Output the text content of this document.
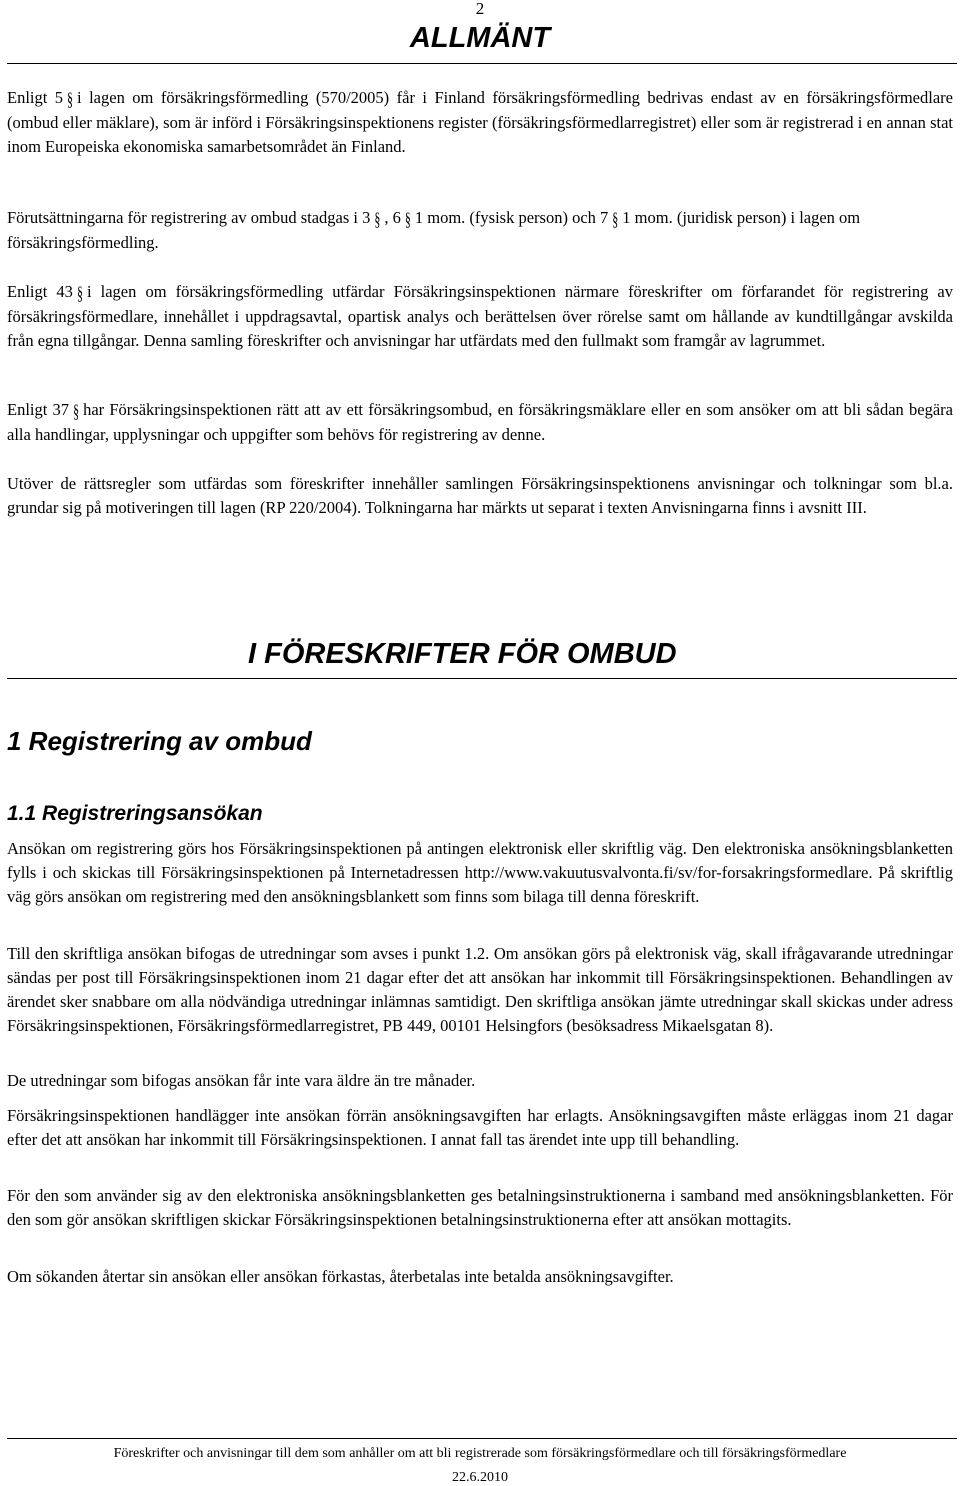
2
ALLMÄNT

Enligt 5 § i lagen om försäkringsförmedling (570/2005) får i Finland försäkringsförmedling bedrivas endast av en försäkringsförmedlare (ombud eller mäklare), som är införd i Försäkringsinspektionens register (försäkringsförmedlarregistret) eller som är registrerad i en annan stat inom Europeiska ekonomiska samarbetsområdet än Finland.

Förutsättningarna för registrering av ombud stadgas i 3 § , 6 § 1 mom. (fysisk person) och 7 § 1 mom. (juridisk person) i lagen om försäkringsförmedling.

Enligt 43 § i lagen om försäkringsförmedling utfärdar Försäkringsinspektionen närmare föreskrifter om förfarandet för registrering av försäkringsförmedlare, innehållet i uppdragsavtal, opartisk analys och berättelsen över rörelse samt om hållande av kundtillgångar avskilda från egna tillgångar. Denna samling föreskrifter och anvisningar har utfärdats med den fullmakt som framgår av lagrummet.

Enligt 37 § har Försäkringsinspektionen rätt att av ett försäkringsombud, en försäkringsmäklare eller en som ansöker om att bli sådan begära alla handlingar, upplysningar och uppgifter som behövs för registrering av denne.

Utöver de rättsregler som utfärdas som föreskrifter innehåller samlingen Försäkringsinspektionens anvisningar och tolkningar som bl.a. grundar sig på motiveringen till lagen (RP 220/2004). Tolkningarna har märkts ut separat i texten Anvisningarna finns i avsnitt III.

I FÖRESKRIFTER FÖR OMBUD
1 Registrering av ombud
1.1 Registreringsansökan

Ansökan om registrering görs hos Försäkringsinspektionen på antingen elektronisk eller skriftlig väg. Den elektroniska ansökningsblanketten fylls i och skickas till Försäkringsinspektionen på Internetadressen http://www.vakuutusvalvonta.fi/sv/for-forsakringsformedlare. På skriftlig väg görs ansökan om registrering med den ansökningsblankett som finns som bilaga till denna föreskrift.

Till den skriftliga ansökan bifogas de utredningar som avses i punkt 1.2. Om ansökan görs på elektronisk väg, skall ifrågavarande utredningar sändas per post till Försäkringsinspektionen inom 21 dagar efter det att ansökan har inkommit till Försäkringsinspektionen. Behandlingen av ärendet sker snabbare om alla nödvändiga utredningar inlämnas samtidigt. Den skriftliga ansökan jämte utredningar skall skickas under adress Försäkringsinspektionen, Försäkringsförmedlarregistret, PB 449, 00101 Helsingfors (besöksadress Mikaelsgatan 8).

De utredningar som bifogas ansökan får inte vara äldre än tre månader.

Försäkringsinspektionen handlägger inte ansökan förrän ansökningsavgiften har erlagts. Ansökningsavgiften måste erläggas inom 21 dagar efter det att ansökan har inkommit till Försäkringsinspektionen. I annat fall tas ärendet inte upp till behandling.

För den som använder sig av den elektroniska ansökningsblanketten ges betalningsinstruktionerna i samband med ansökningsblanketten. För den som gör ansökan skriftligen skickar Försäkringsinspektionen betalningsinstruktionerna efter att ansökan mottagits.

Om sökanden återtar sin ansökan eller ansökan förkastas, återbetalas inte betalda ansökningsavgifter.

Föreskrifter och anvisningar till dem som anhåller om att bli registrerade som försäkringsförmedlare och till försäkringsförmedlare
22.6.2010
